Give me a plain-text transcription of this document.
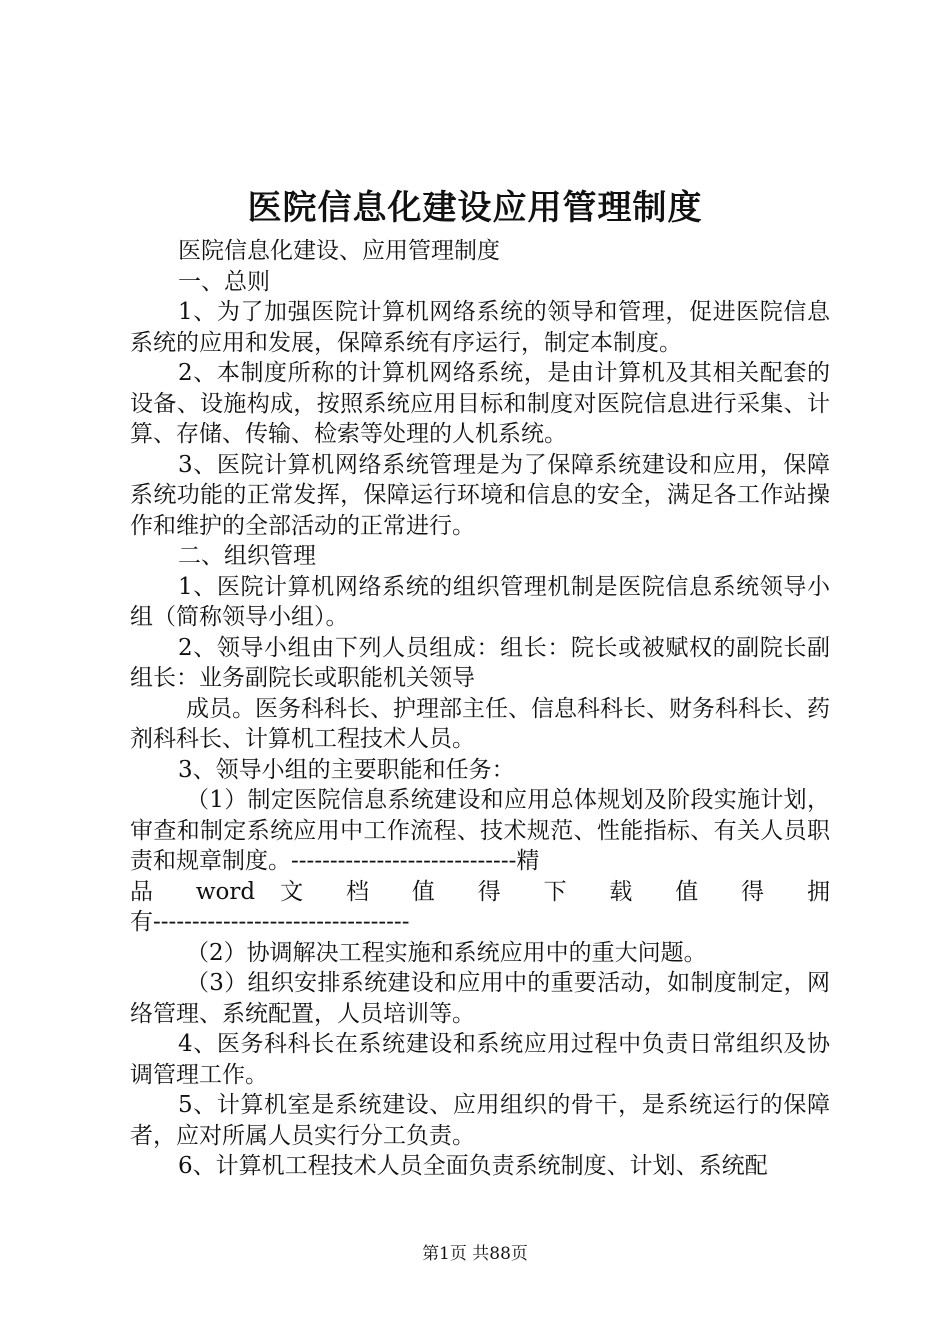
医院信息化建设应用管理制度

医院信息化建设、应用管理制度

一、总则

1、为了加强医院计算机网络系统的领导和管理，促进医院信息系统的应用和发展，保障系统有序运行，制定本制度。

2、本制度所称的计算机网络系统，是由计算机及其相关配套的设备、设施构成，按照系统应用目标和制度对医院信息进行采集、计算、存储、传输、检索等处理的人机系统。

3、医院计算机网络系统管理是为了保障系统建设和应用，保障系统功能的正常发挥，保障运行环境和信息的安全，满足各工作站操作和维护的全部活动的正常进行。

二、组织管理

1、医院计算机网络系统的组织管理机制是医院信息系统领导小组（简称领导小组）。

2、领导小组由下列人员组成：组长：院长或被赋权的副院长副组长：业务副院长或职能机关领导

成员。医务科科长、护理部主任、信息科科长、财务科科长、药剂科科长、计算机工程技术人员。

3、领导小组的主要职能和任务：

（1）制定医院信息系统建设和应用总体规划及阶段实施计划，审查和制定系统应用中工作流程、技术规范、性能指标、有关人员职责和规章制度。-----------------------------精

品 word 文 档 值 得 下 载 值 得 拥

有---------------------------------

（2）协调解决工程实施和系统应用中的重大问题。

（3）组织安排系统建设和应用中的重要活动，如制度制定，网络管理、系统配置，人员培训等。

4、医务科科长在系统建设和系统应用过程中负责日常组织及协调管理工作。

5、计算机室是系统建设、应用组织的骨干，是系统运行的保障者，应对所属人员实行分工负责。

6、计算机工程技术人员全面负责系统制度、计划、系统配

第1页 共88页
